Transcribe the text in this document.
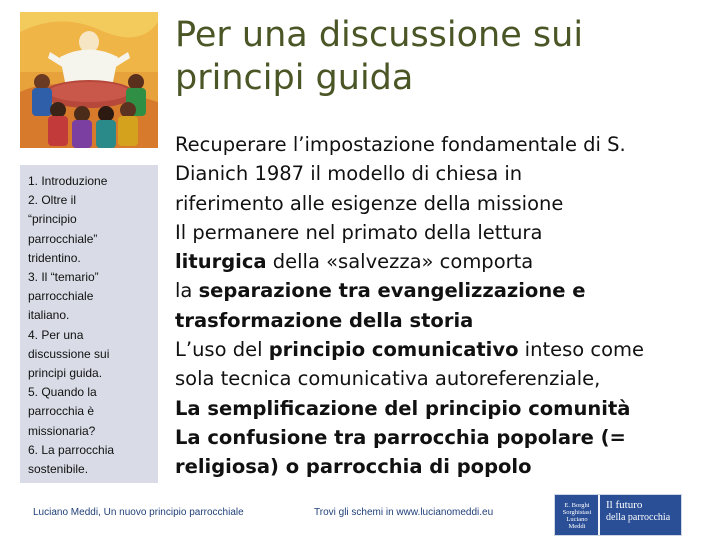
1. Introduzione
2. Oltre il
“principio
parrocchiale”
tridentino.
3. Il “temario”
parrocchiale
italiano.
4. Per una
discussione sui
principi guida.
5. Quando la
parrocchia è
missionaria?
6. La parrocchia
sostenibile.
Per una discussione sui
principi guida
Recuperare l’impostazione fondamentale di S.
Dianich 1987 il modello di chiesa in
riferimento alle esigenze della missione
Il permanere nel primato della lettura
liturgica della «salvezza» comporta
la separazione tra evangelizzazione e
trasformazione della storia
L’uso del principio comunicativo inteso come
sola tecnica comunicativa autoreferenziale,
La semplificazione del principio comunità
La confusione tra parrocchia popolare (=
religiosa) o parrocchia di popolo
Luciano Meddi, Un nuovo principio parrocchiale	Trovi gli schemi in www.lucianomeddi.eu
E. Borghi
Sorghistasi
Luciano
Meddi
Il futuro
della parrocchia
